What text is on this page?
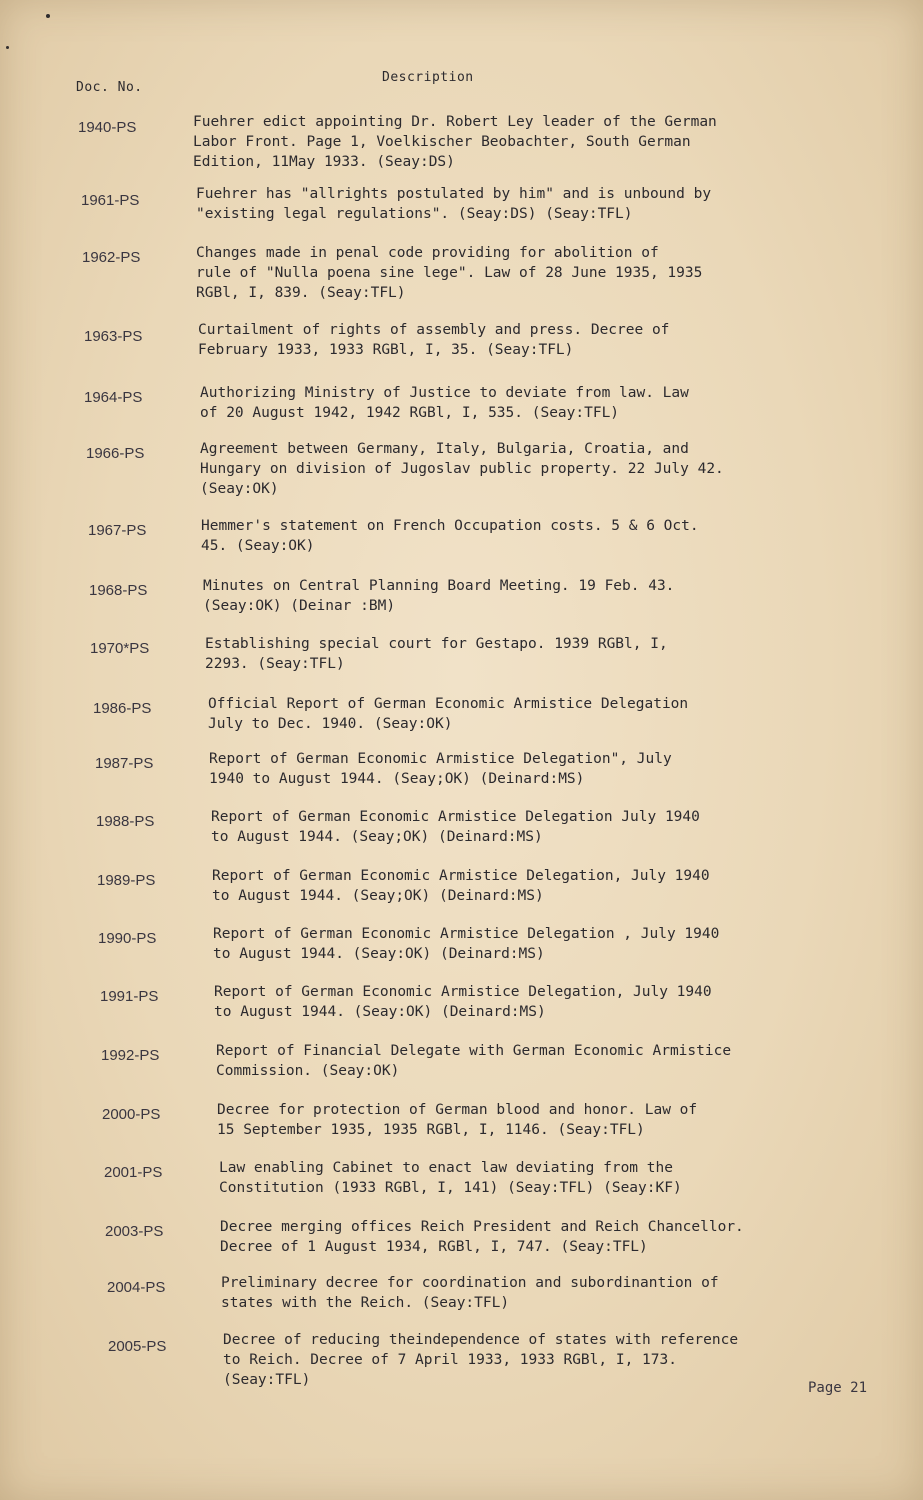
Doc. No.
Description
1940-PS	Fuehrer edict appointing Dr. Robert Ley leader of the German
Labor Front. Page 1, Voelkischer Beobachter, South German
Edition, 11May 1933. (Seay:DS)
1961-PS	Fuehrer has "allrights postulated by him" and is unbound by
"existing legal regulations". (Seay:DS) (Seay:TFL)
1962-PS	Changes made in penal code providing for abolition of
rule of "Nulla poena sine lege". Law of 28 June 1935, 1935
RGBl, I, 839. (Seay:TFL)
1963-PS	Curtailment of rights of assembly and press. Decree of
February 1933, 1933 RGBl, I, 35. (Seay:TFL)
1964-PS	Authorizing Ministry of Justice to deviate from law. Law
of 20 August 1942, 1942 RGBl, I, 535. (Seay:TFL)
1966-PS	Agreement between Germany, Italy, Bulgaria, Croatia, and
Hungary on division of Jugoslav public property. 22 July 42.
(Seay:OK)
1967-PS	Hemmer's statement on French Occupation costs. 5 & 6 Oct.
45. (Seay:OK)
1968-PS	Minutes on Central Planning Board Meeting. 19 Feb. 43.
(Seay:OK) (Deinar :BM)
1970*PS	Establishing special court for Gestapo. 1939 RGBl, I,
2293. (Seay:TFL)
1986-PS	Official Report of German Economic Armistice Delegation
July to Dec. 1940. (Seay:OK)
1987-PS	Report of German Economic Armistice Delegation", July
1940 to August 1944. (Seay;OK) (Deinard:MS)
1988-PS	Report of German Economic Armistice Delegation July 1940
to August 1944. (Seay;OK) (Deinard:MS)
1989-PS	Report of German Economic Armistice Delegation, July 1940
to August 1944. (Seay;OK) (Deinard:MS)
1990-PS	Report of German Economic Armistice Delegation , July 1940
to August 1944. (Seay:OK) (Deinard:MS)
1991-PS	Report of German Economic Armistice Delegation, July 1940
to August 1944. (Seay:OK) (Deinard:MS)
1992-PS	Report of Financial Delegate with German Economic Armistice
Commission. (Seay:OK)
2000-PS	Decree for protection of German blood and honor. Law of
15 September 1935, 1935 RGBl, I, 1146. (Seay:TFL)
2001-PS	Law enabling Cabinet to enact law deviating from the
Constitution (1933 RGBl, I, 141) (Seay:TFL) (Seay:KF)
2003-PS	Decree merging offices Reich President and Reich Chancellor.
Decree of 1 August 1934, RGBl, I, 747. (Seay:TFL)
2004-PS	Preliminary decree for coordination and subordinantion of
states with the Reich. (Seay:TFL)
2005-PS	Decree of reducing theindependence of states with reference
to Reich. Decree of 7 April 1933, 1933 RGBl, I, 173.
(Seay:TFL)	Page 21
